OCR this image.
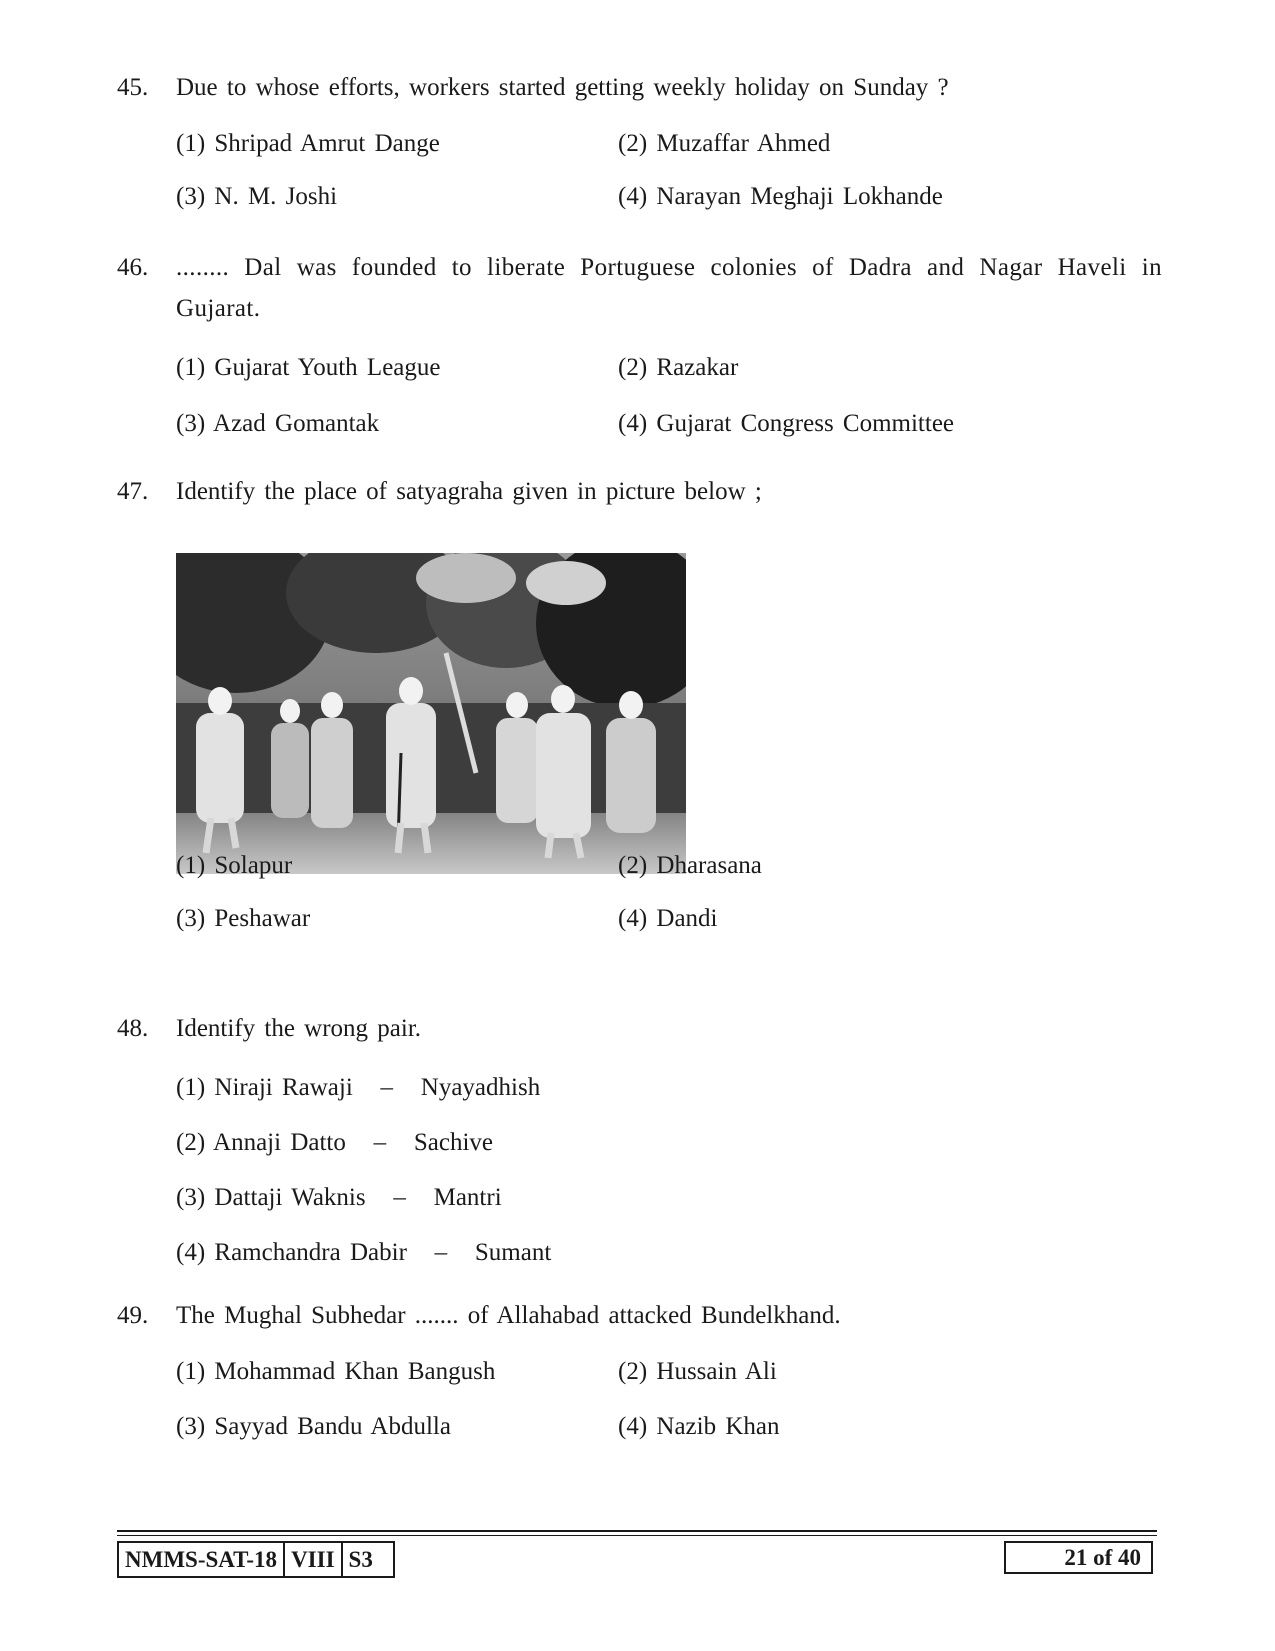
45. Due to whose efforts, workers started getting weekly holiday on Sunday ?
(1) Shripad Amrut Dange	(2) Muzaffar Ahmed
(3) N. M. Joshi	(4) Narayan Meghaji Lokhande
46. ........ Dal was founded to liberate Portuguese colonies of Dadra and Nagar Haveli in Gujarat.
(1) Gujarat Youth League	(2) Razakar
(3) Azad Gomantak	(4) Gujarat Congress Committee
47. Identify the place of satyagraha given in picture below ;
(1) Solapur	(2) Dharasana
(3) Peshawar	(4) Dandi
48. Identify the wrong pair.
(1) Niraji Rawaji – Nyayadhish
(2) Annaji Datto – Sachive
(3) Dattaji Waknis – Mantri
(4) Ramchandra Dabir – Sumant
49. The Mughal Subhedar ....... of Allahabad attacked Bundelkhand.
(1) Mohammad Khan Bangush	(2) Hussain Ali
(3) Sayyad Bandu Abdulla	(4) Nazib Khan
NMMS-SAT-18 VIII S3	21 of 40
